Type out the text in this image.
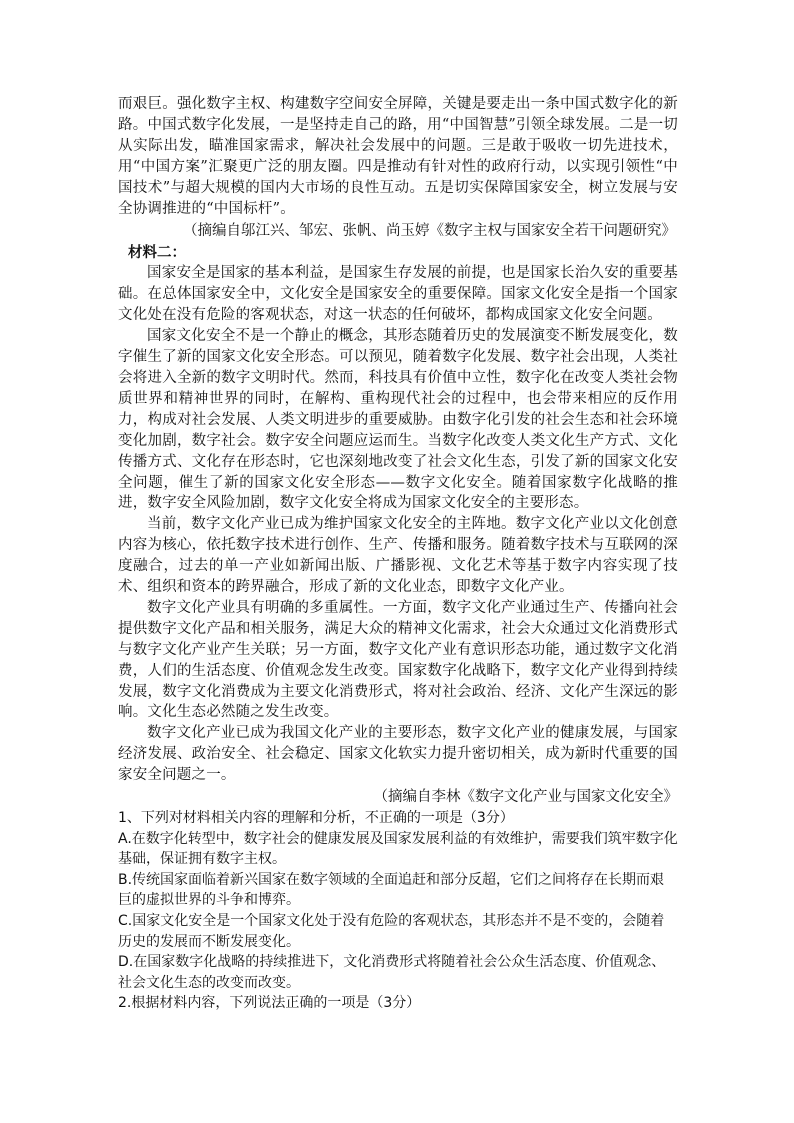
而艰巨。强化数字主权、构建数字空间安全屏障，关键是要走出一条中国式数字化的新路。中国式数字化发展，一是坚持走自己的路，用“中国智慧”引领全球发展。二是一切从实际出发，瞄准国家需求，解决社会发展中的问题。三是敢于吸收一切先进技术，用“中国方案”汇聚更广泛的朋友圈。四是推动有针对性的政府行动，以实现引领性“中国技术”与超大规模的国内大市场的良性互动。五是切实保障国家安全，树立发展与安全协调推进的“中国标杆”。

（摘编自邬江兴、邹宏、张帆、尚玉婷《数字主权与国家安全若干问题研究》

材料二：

国家安全是国家的基本利益，是国家生存发展的前提，也是国家长治久安的重要基础。在总体国家安全中，文化安全是国家安全的重要保障。国家文化安全是指一个国家文化处在没有危险的客观状态，对这一状态的任何破坏，都构成国家文化安全问题。

国家文化安全不是一个静止的概念，其形态随着历史的发展演变不断发展变化，数字催生了新的国家文化安全形态。可以预见，随着数字化发展、数字社会出现，人类社会将进入全新的数字文明时代。然而，科技具有价值中立性，数字化在改变人类社会物质世界和精神世界的同时，在解构、重构现代社会的过程中，也会带来相应的反作用力，构成对社会发展、人类文明进步的重要威胁。由数字化引发的社会生态和社会环境变化加剧，数字社会。数字安全问题应运而生。当数字化改变人类文化生产方式、文化传播方式、文化存在形态时，它也深刻地改变了社会文化生态，引发了新的国家文化安全问题，催生了新的国家文化安全形态——数字文化安全。随着国家数字化战略的推进，数字安全风险加剧，数字文化安全将成为国家文化安全的主要形态。

当前，数字文化产业已成为维护国家文化安全的主阵地。数字文化产业以文化创意内容为核心，依托数字技术进行创作、生产、传播和服务。随着数字技术与互联网的深度融合，过去的单一产业如新闻出版、广播影视、文化艺术等基于数字内容实现了技术、组织和资本的跨界融合，形成了新的文化业态，即数字文化产业。

数字文化产业具有明确的多重属性。一方面，数字文化产业通过生产、传播向社会提供数字文化产品和相关服务，满足大众的精神文化需求，社会大众通过文化消费形式与数字文化产业产生关联；另一方面，数字文化产业有意识形态功能，通过数字文化消费，人们的生活态度、价值观念发生改变。国家数字化战略下，数字文化产业得到持续发展，数字文化消费成为主要文化消费形式，将对社会政治、经济、文化产生深远的影响。文化生态必然随之发生改变。

数字文化产业已成为我国文化产业的主要形态，数字文化产业的健康发展，与国家经济发展、政治安全、社会稳定、国家文化软实力提升密切相关，成为新时代重要的国家安全问题之一。

（摘编自李林《数字文化产业与国家文化安全》

1、下列对材料相关内容的理解和分析，不正确的一项是（3分）

A.在数字化转型中，数字社会的健康发展及国家发展利益的有效维护，需要我们筑牢数字化基础，保证拥有数字主权。

B.传统国家面临着新兴国家在数字领域的全面追赶和部分反超，它们之间将存在长期而艰巨的虚拟世界的斗争和博弈。

C.国家文化安全是一个国家文化处于没有危险的客观状态，其形态并不是不变的，会随着历史的发展而不断发展变化。

D.在国家数字化战略的持续推进下，文化消费形式将随着社会公众生活态度、价值观念、社会文化生态的改变而改变。

2.根据材料内容，下列说法正确的一项是（3分）
